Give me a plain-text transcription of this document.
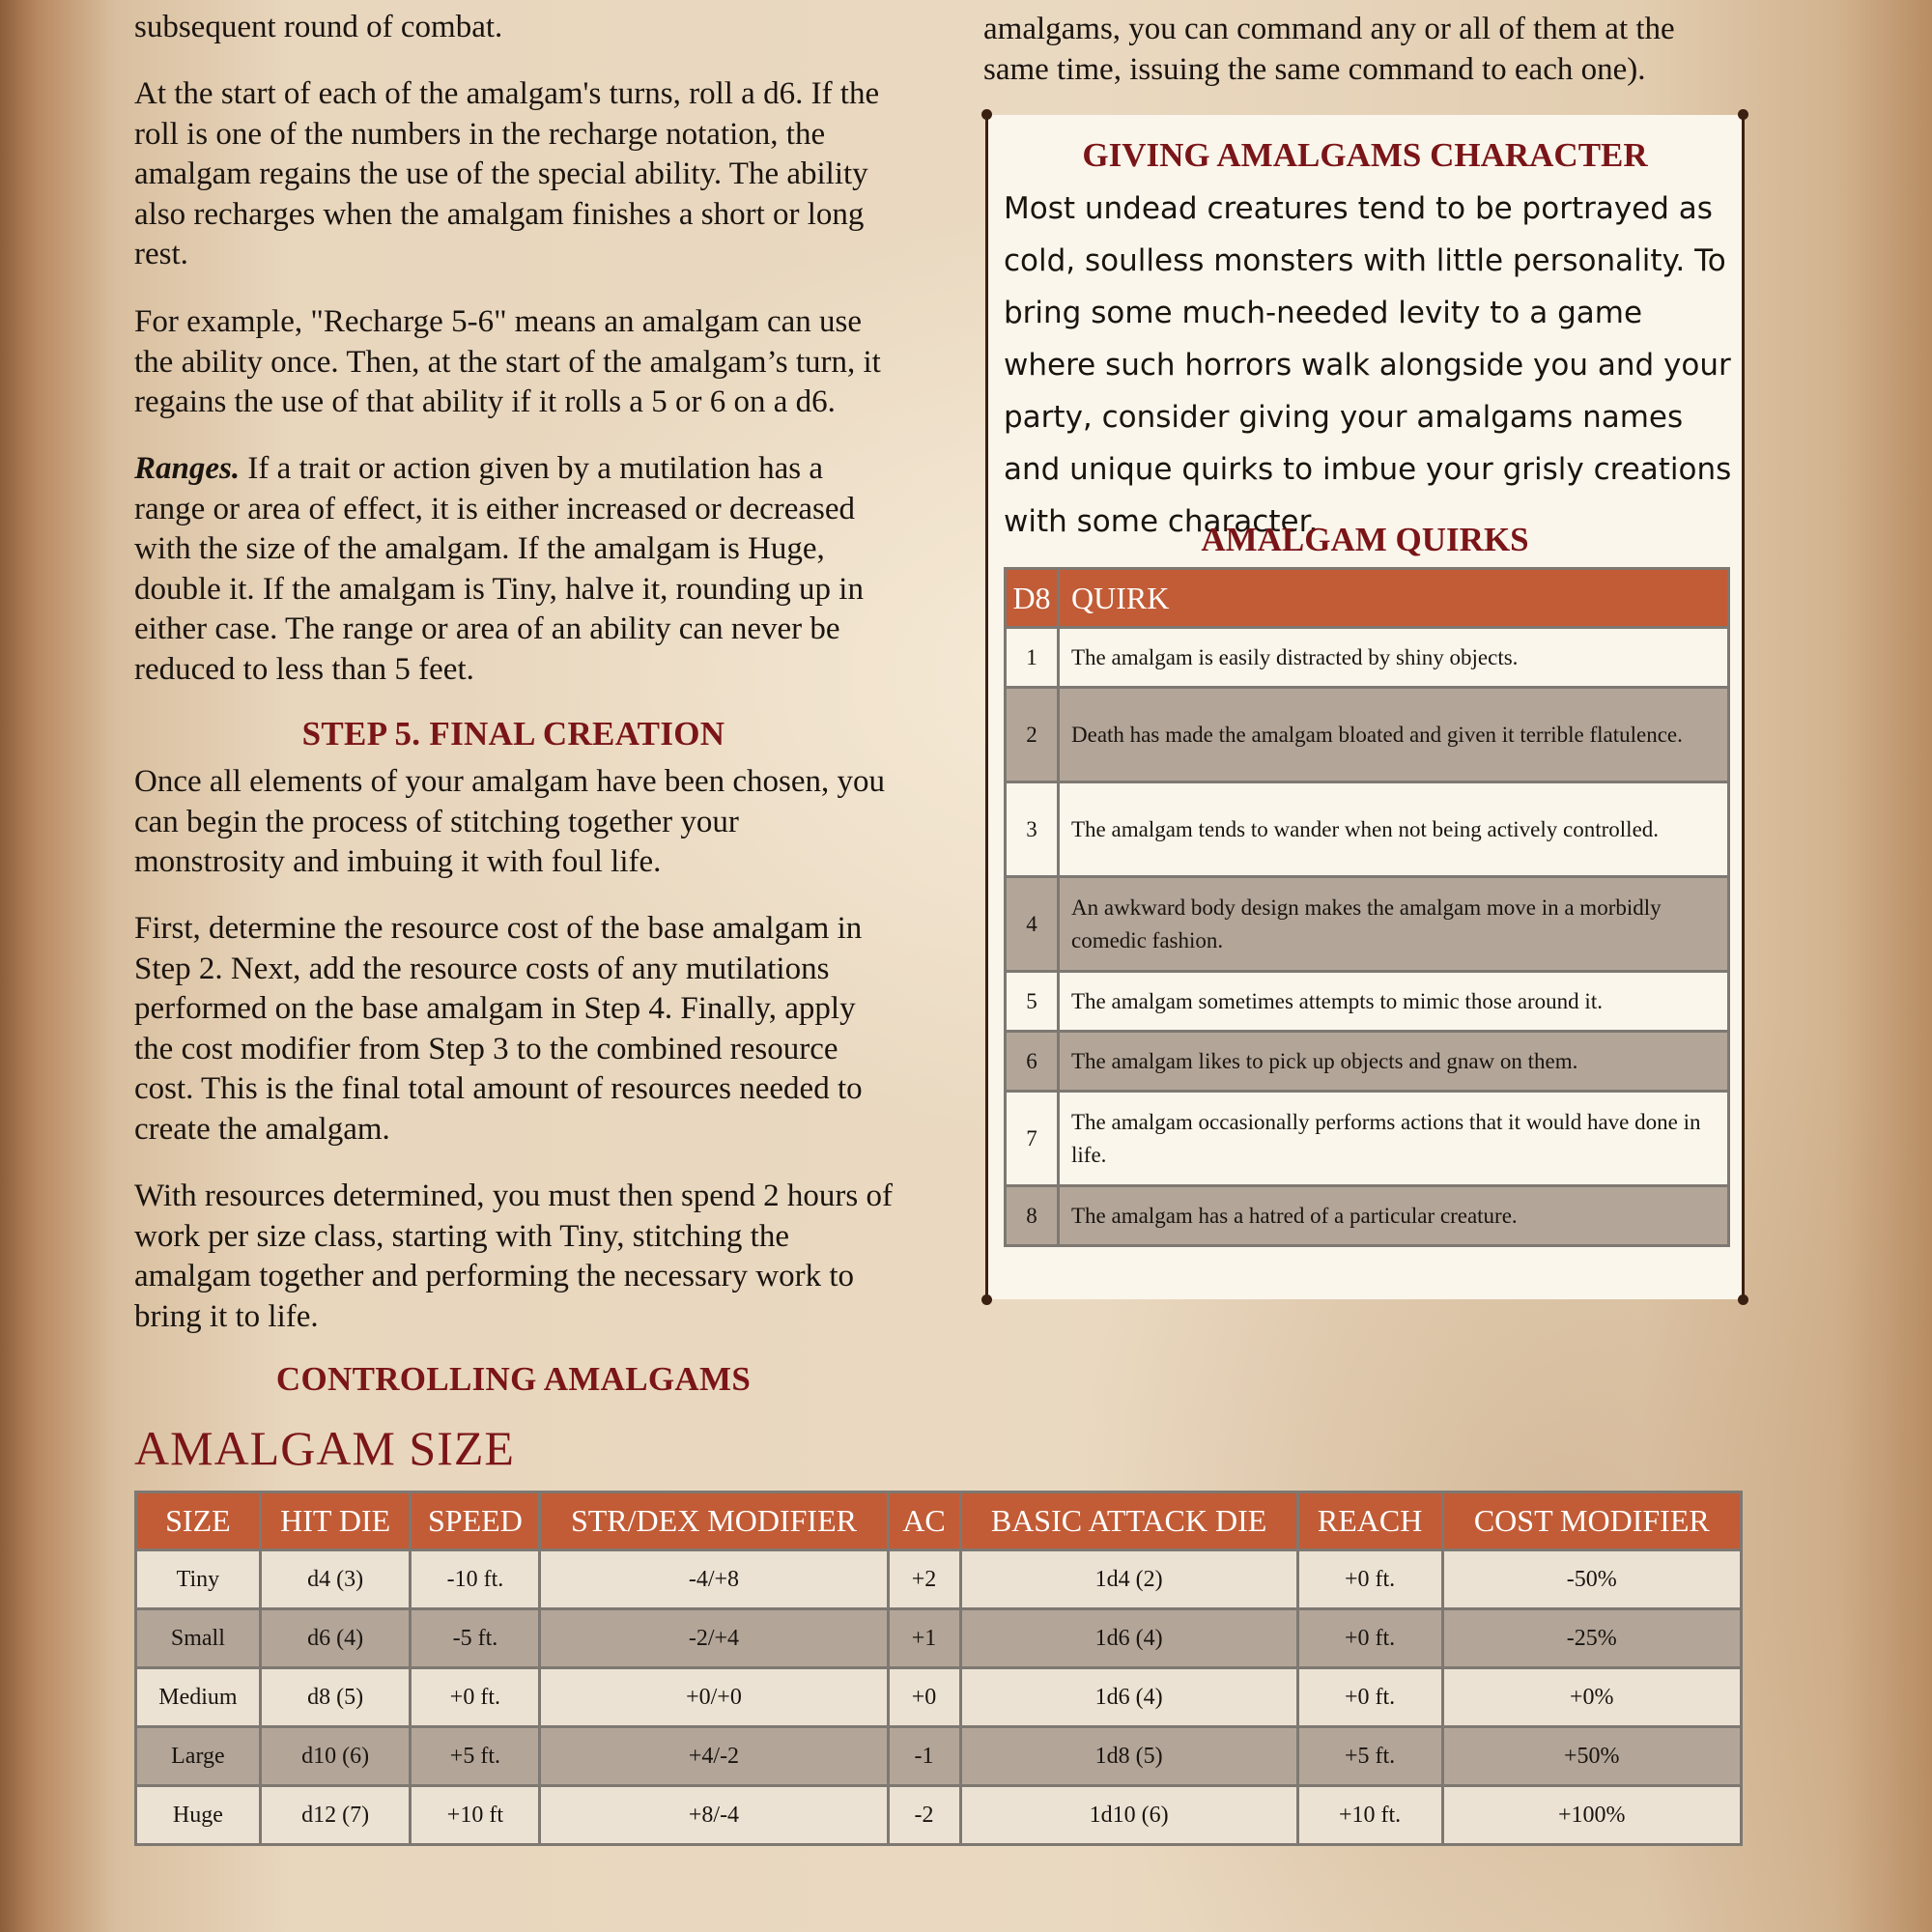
subsequent round of combat.

At the start of each of the amalgam's turns, roll a d6. If the roll is one of the numbers in the recharge notation, the amalgam regains the use of the special ability. The ability also recharges when the amalgam finishes a short or long rest.

For example, "Recharge 5-6" means an amalgam can use the ability once. Then, at the start of the amalgam’s turn, it regains the use of that ability if it rolls a 5 or 6 on a d6.

Ranges. If a trait or action given by a mutilation has a range or area of effect, it is either increased or decreased with the size of the amalgam. If the amalgam is Huge, double it. If the amalgam is Tiny, halve it, rounding up in either case. The range or area of an ability can never be reduced to less than 5 feet.

STEP 5. FINAL CREATION

Once all elements of your amalgam have been chosen, you can begin the process of stitching together your monstrosity and imbuing it with foul life.

First, determine the resource cost of the base amalgam in Step 2. Next, add the resource costs of any mutilations performed on the base amalgam in Step 4. Finally, apply the cost modifier from Step 3 to the combined resource cost. This is the final total amount of resources needed to create the amalgam.

With resources determined, you must then spend 2 hours of work per size class, starting with Tiny, stitching the amalgam together and performing the necessary work to bring it to life.

CONTROLLING AMALGAMS

amalgams, you can command any or all of them at the same time, issuing the same command to each one).

GIVING AMALGAMS CHARACTER

Most undead creatures tend to be portrayed as cold, soulless monsters with little personality. To bring some much-needed levity to a game where such horrors walk alongside you and your party, consider giving your amalgams names and unique quirks to imbue your grisly creations with some character.

AMALGAM QUIRKS
D8	QUIRK
1	The amalgam is easily distracted by shiny objects.
2	Death has made the amalgam bloated and given it terrible flatulence.
3	The amalgam tends to wander when not being actively controlled.
4	An awkward body design makes the amalgam move in a morbidly comedic fashion.
5	The amalgam sometimes attempts to mimic those around it.
6	The amalgam likes to pick up objects and gnaw on them.
7	The amalgam occasionally performs actions that it would have done in life.
8	The amalgam has a hatred of a particular creature.
AMALGAM SIZE
SIZE	HIT DIE	SPEED	STR/DEX MODIFIER	AC	BASIC ATTACK DIE	REACH	COST MODIFIER
Tiny	d4 (3)	-10 ft.	-4/+8	+2	1d4 (2)	+0 ft.	-50%
Small	d6 (4)	-5 ft.	-2/+4	+1	1d6 (4)	+0 ft.	-25%
Medium	d8 (5)	+0 ft.	+0/+0	+0	1d6 (4)	+0 ft.	+0%
Large	d10 (6)	+5 ft.	+4/-2	-1	1d8 (5)	+5 ft.	+50%
Huge	d12 (7)	+10 ft	+8/-4	-2	1d10 (6)	+10 ft.	+100%
